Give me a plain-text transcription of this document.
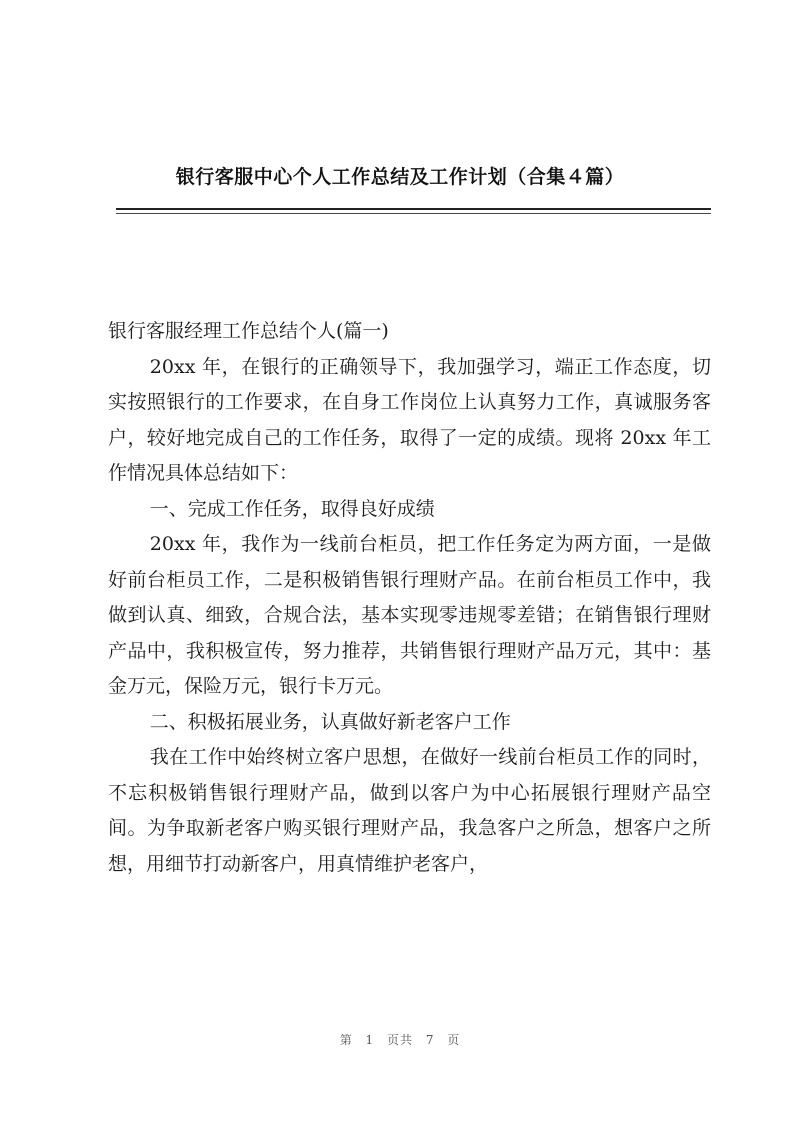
银行客服中心个人工作总结及工作计划（合集４篇）

银行客服经理工作总结个人(篇一)

20xx 年，在银行的正确领导下，我加强学习，端正工作态度，切实按照银行的工作要求，在自身工作岗位上认真努力工作，真诚服务客户，较好地完成自己的工作任务，取得了一定的成绩。现将 20xx 年工作情况具体总结如下：

一、完成工作任务，取得良好成绩

20xx 年，我作为一线前台柜员，把工作任务定为两方面，一是做好前台柜员工作，二是积极销售银行理财产品。在前台柜员工作中，我做到认真、细致，合规合法，基本实现零违规零差错；在销售银行理财产品中，我积极宣传，努力推荐，共销售银行理财产品万元，其中：基金万元，保险万元，银行卡万元。

二、积极拓展业务，认真做好新老客户工作

我在工作中始终树立客户思想，在做好一线前台柜员工作的同时，不忘积极销售银行理财产品，做到以客户为中心拓展银行理财产品空间。为争取新老客户购买银行理财产品，我急客户之所急，想客户之所想，用细节打动新客户，用真情维护老客户，

第 1 页共 7 页
